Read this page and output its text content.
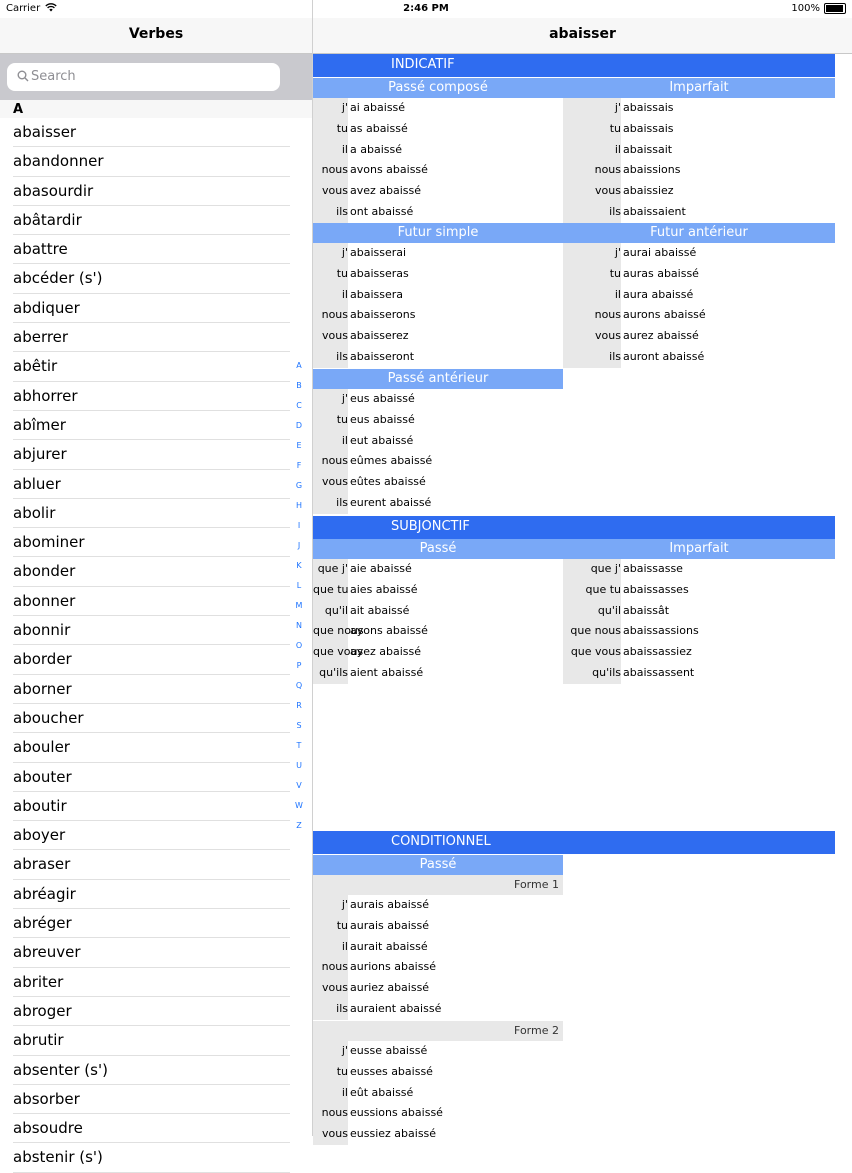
Carrier	2:46 PM	100%
Verbes
Search
A
abaisser
abandonner
abasourdir
abâtardir
abattre
abcéder (s')
abdiquer
aberrer
abêtir
abhorrer
abîmer
abjurer
abluer
abolir
abominer
abonder
abonner
abonnir
aborder
aborner
aboucher
abouler
abouter
aboutir
aboyer
abraser
abréagir
abréger
abreuver
abriter
abroger
abrutir
absenter (s')
absorber
absoudre
abstenir (s')
A
B
C
D
E
F
G
H
I
J
K
L
M
N
O
P
Q
R
S
T
U
V
W
Z
abaisser
INDICATIF
SUBJONCTIF
CONDITIONNEL
Passé composé
j' ai abaissé
tu as abaissé
il a abaissé
nous avons abaissé
vous avez abaissé
ils ont abaissé
Imparfait
j' abaissais
tu abaissais
il abaissait
nous abaissions
vous abaissiez
ils abaissaient
Futur simple
j' abaisserai
tu abaisseras
il abaissera
nous abaisserons
vous abaisserez
ils abaisseront
Futur antérieur
j' aurai abaissé
tu auras abaissé
il aura abaissé
nous aurons abaissé
vous aurez abaissé
ils auront abaissé
Passé antérieur
j' eus abaissé
tu eus abaissé
il eut abaissé
nous eûmes abaissé
vous eûtes abaissé
ils eurent abaissé
Passé
que j' aie abaissé
que tu aies abaissé
qu'il ait abaissé
que nous
ayons abaissé
que vous
ayez abaissé
qu'ils aient abaissé
Imparfait
que j' abaissasse
que tu abaissasses
qu'il abaissât
que nous abaissassions
que vous abaissassiez
qu'ils abaissassent
Passé
Forme 1
j' aurais abaissé
tu aurais abaissé
il aurait abaissé
nous aurions abaissé
vous auriez abaissé
ils auraient abaissé
Forme 2
j' eusse abaissé
tu eusses abaissé
il eût abaissé
nous eussions abaissé
vous eussiez abaissé
